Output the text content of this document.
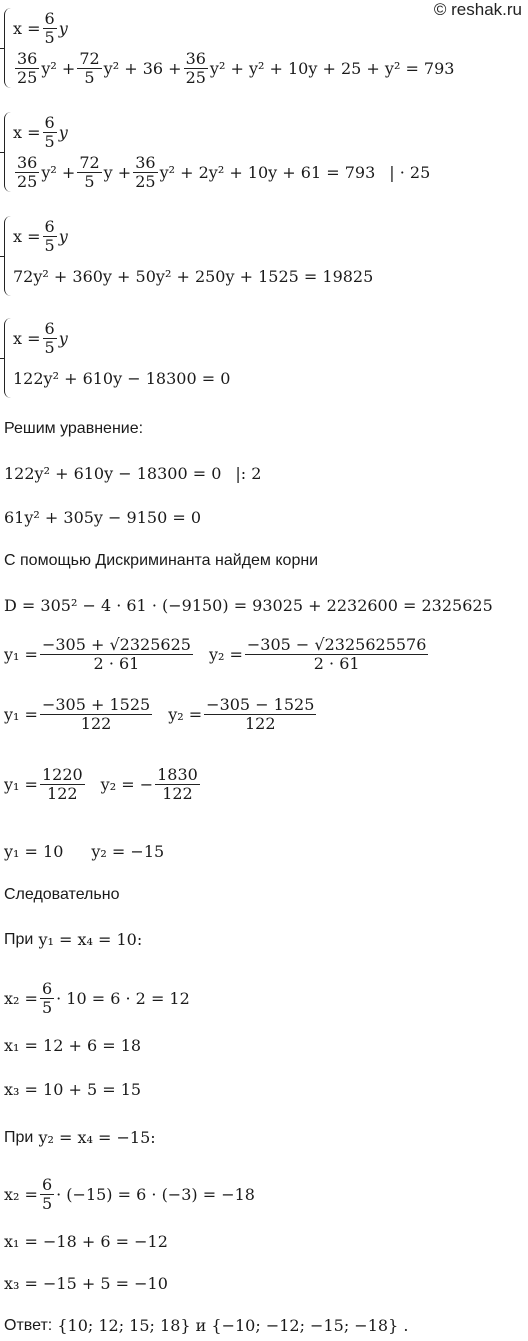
© reshak.ru
$x = \frac{6}{5}$ y
$\frac{36}{25} y^2 + \frac{72}{5} y^2 + 36 + \frac{36}{25} y^2 + y^2 + 10y + 25 + y^2 = 793$
$x = \frac{6}{5}$ y
$\frac{36}{25} y^2 + \frac{72}{5}$ $y + \frac{36}{25} y^2 + 2y^2 + 10y + 61 = 793$ | · 25
$x = \frac{6}{5}$ y
72y² + 360y + 50y² + 250y + 1525 = 19825
$x = \frac{6}{5}$ y
122y² + 610y − 18300 = 0
Решим уравнение:
122y² + 610y − 18300 = 0 |: 2
61y² + 305y − 9150 = 0
С помощью Дискриминанта найдем корни
D = 305² − 4 · 61 · (−9150) = 93025 + 2232600 = 2325625
$y_1 = \frac{-305 + √2325625}{2 \cdot 61} y_2 = \frac{-305 - √2325625576}{2 \cdot 61}$
$y_1 = \frac{-305 + 1525}{122} y_2 = \frac{-305 - 1525}{122}$
$y_1 = \frac{1220}{122} y_2$ = − $\frac{1830}{122}$
y₁ = 10 y₂ = −15
Следовательно
При
y₁ = x₄ = 10:
$x_2 = \frac{6}{5} \cdot 10 = 6 \cdot 2 = 12$
x₁ = 12 + 6 = 18
x₃ = 10 + 5 = 15
При
y₂ = x₄ = −15:
$x_2 = \frac{6}{5} \cdot (-15) = 6 \cdot (-3) = -18$
x₁ = −18 + 6 = −12
x₃ = −15 + 5 = −10
Ответ:
{10; 12; 15; 18} и {−10; −12; −15; −18} .
